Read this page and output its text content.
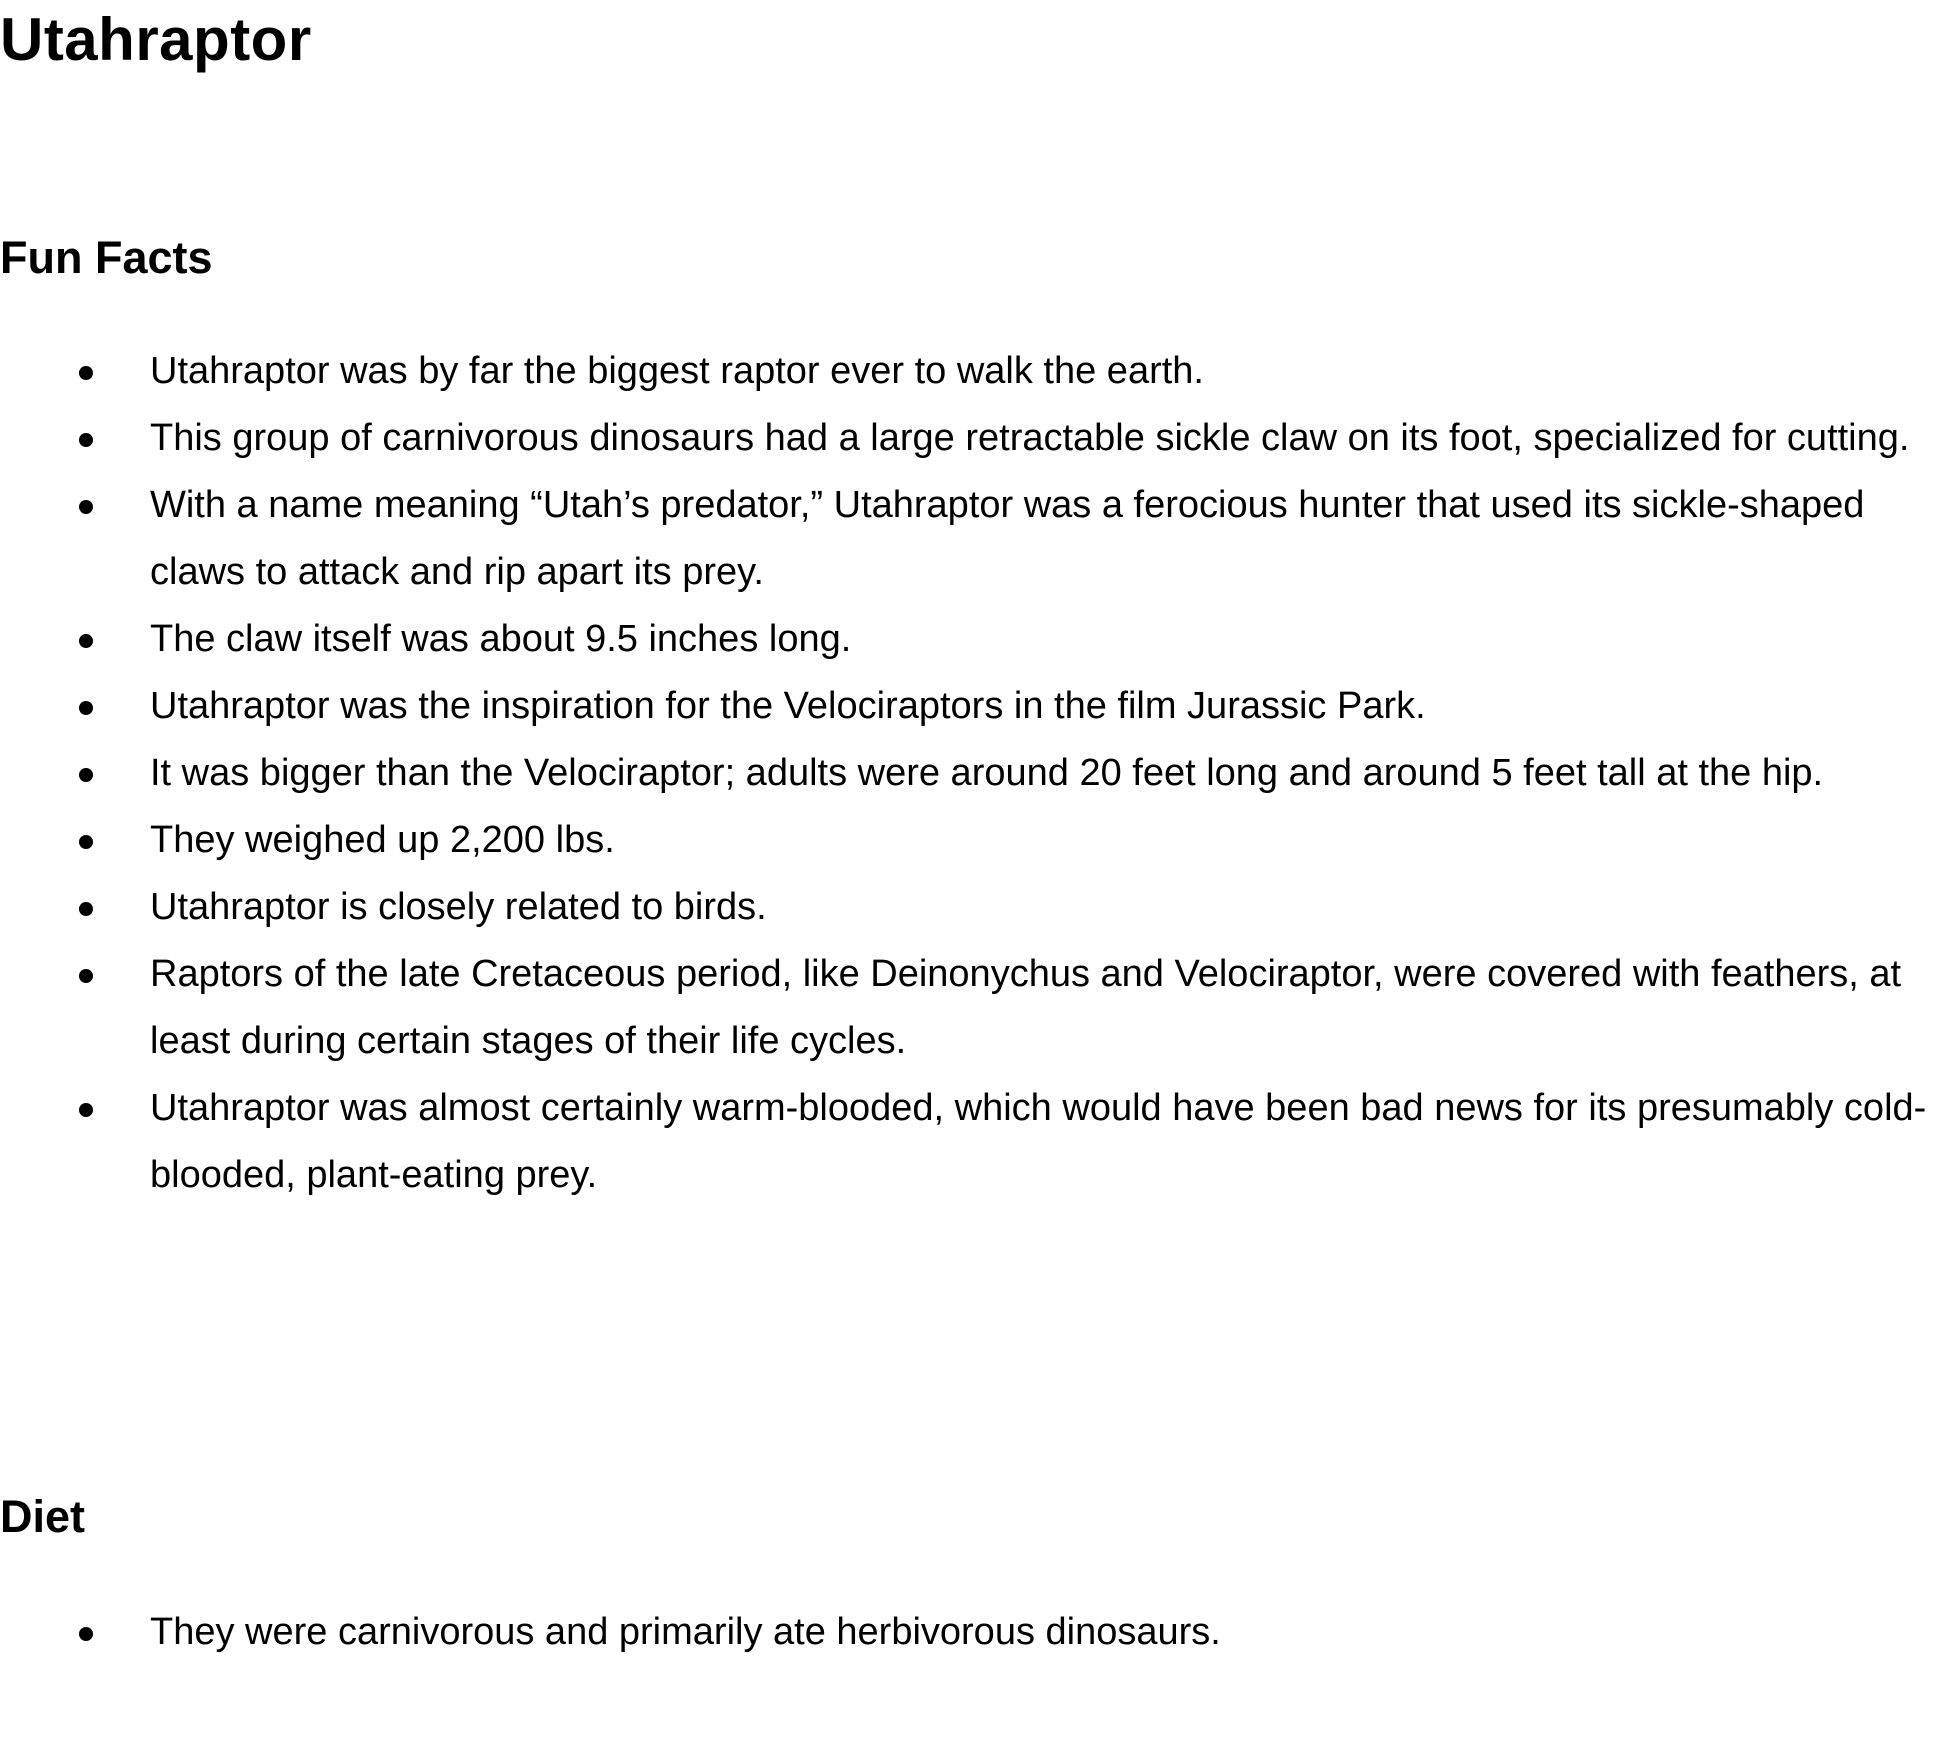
Utahraptor
Fun Facts
Utahraptor was by far the biggest raptor ever to walk the earth.
This group of carnivorous dinosaurs had a large retractable sickle claw on its foot, specialized for cutting.
With a name meaning “Utah’s predator,” Utahraptor was a ferocious hunter that used its sickle-shaped claws to attack and rip apart its prey.
The claw itself was about 9.5 inches long.
Utahraptor was the inspiration for the Velociraptors in the film Jurassic Park.
It was bigger than the Velociraptor; adults were around 20 feet long and around 5 feet tall at the hip.
They weighed up 2,200 lbs.
Utahraptor is closely related to birds.
Raptors of the late Cretaceous period, like Deinonychus and Velociraptor, were covered with feathers, at least during certain stages of their life cycles.
Utahraptor was almost certainly warm-blooded, which would have been bad news for its presumably cold-blooded, plant-eating prey.
Diet
They were carnivorous and primarily ate herbivorous dinosaurs.
